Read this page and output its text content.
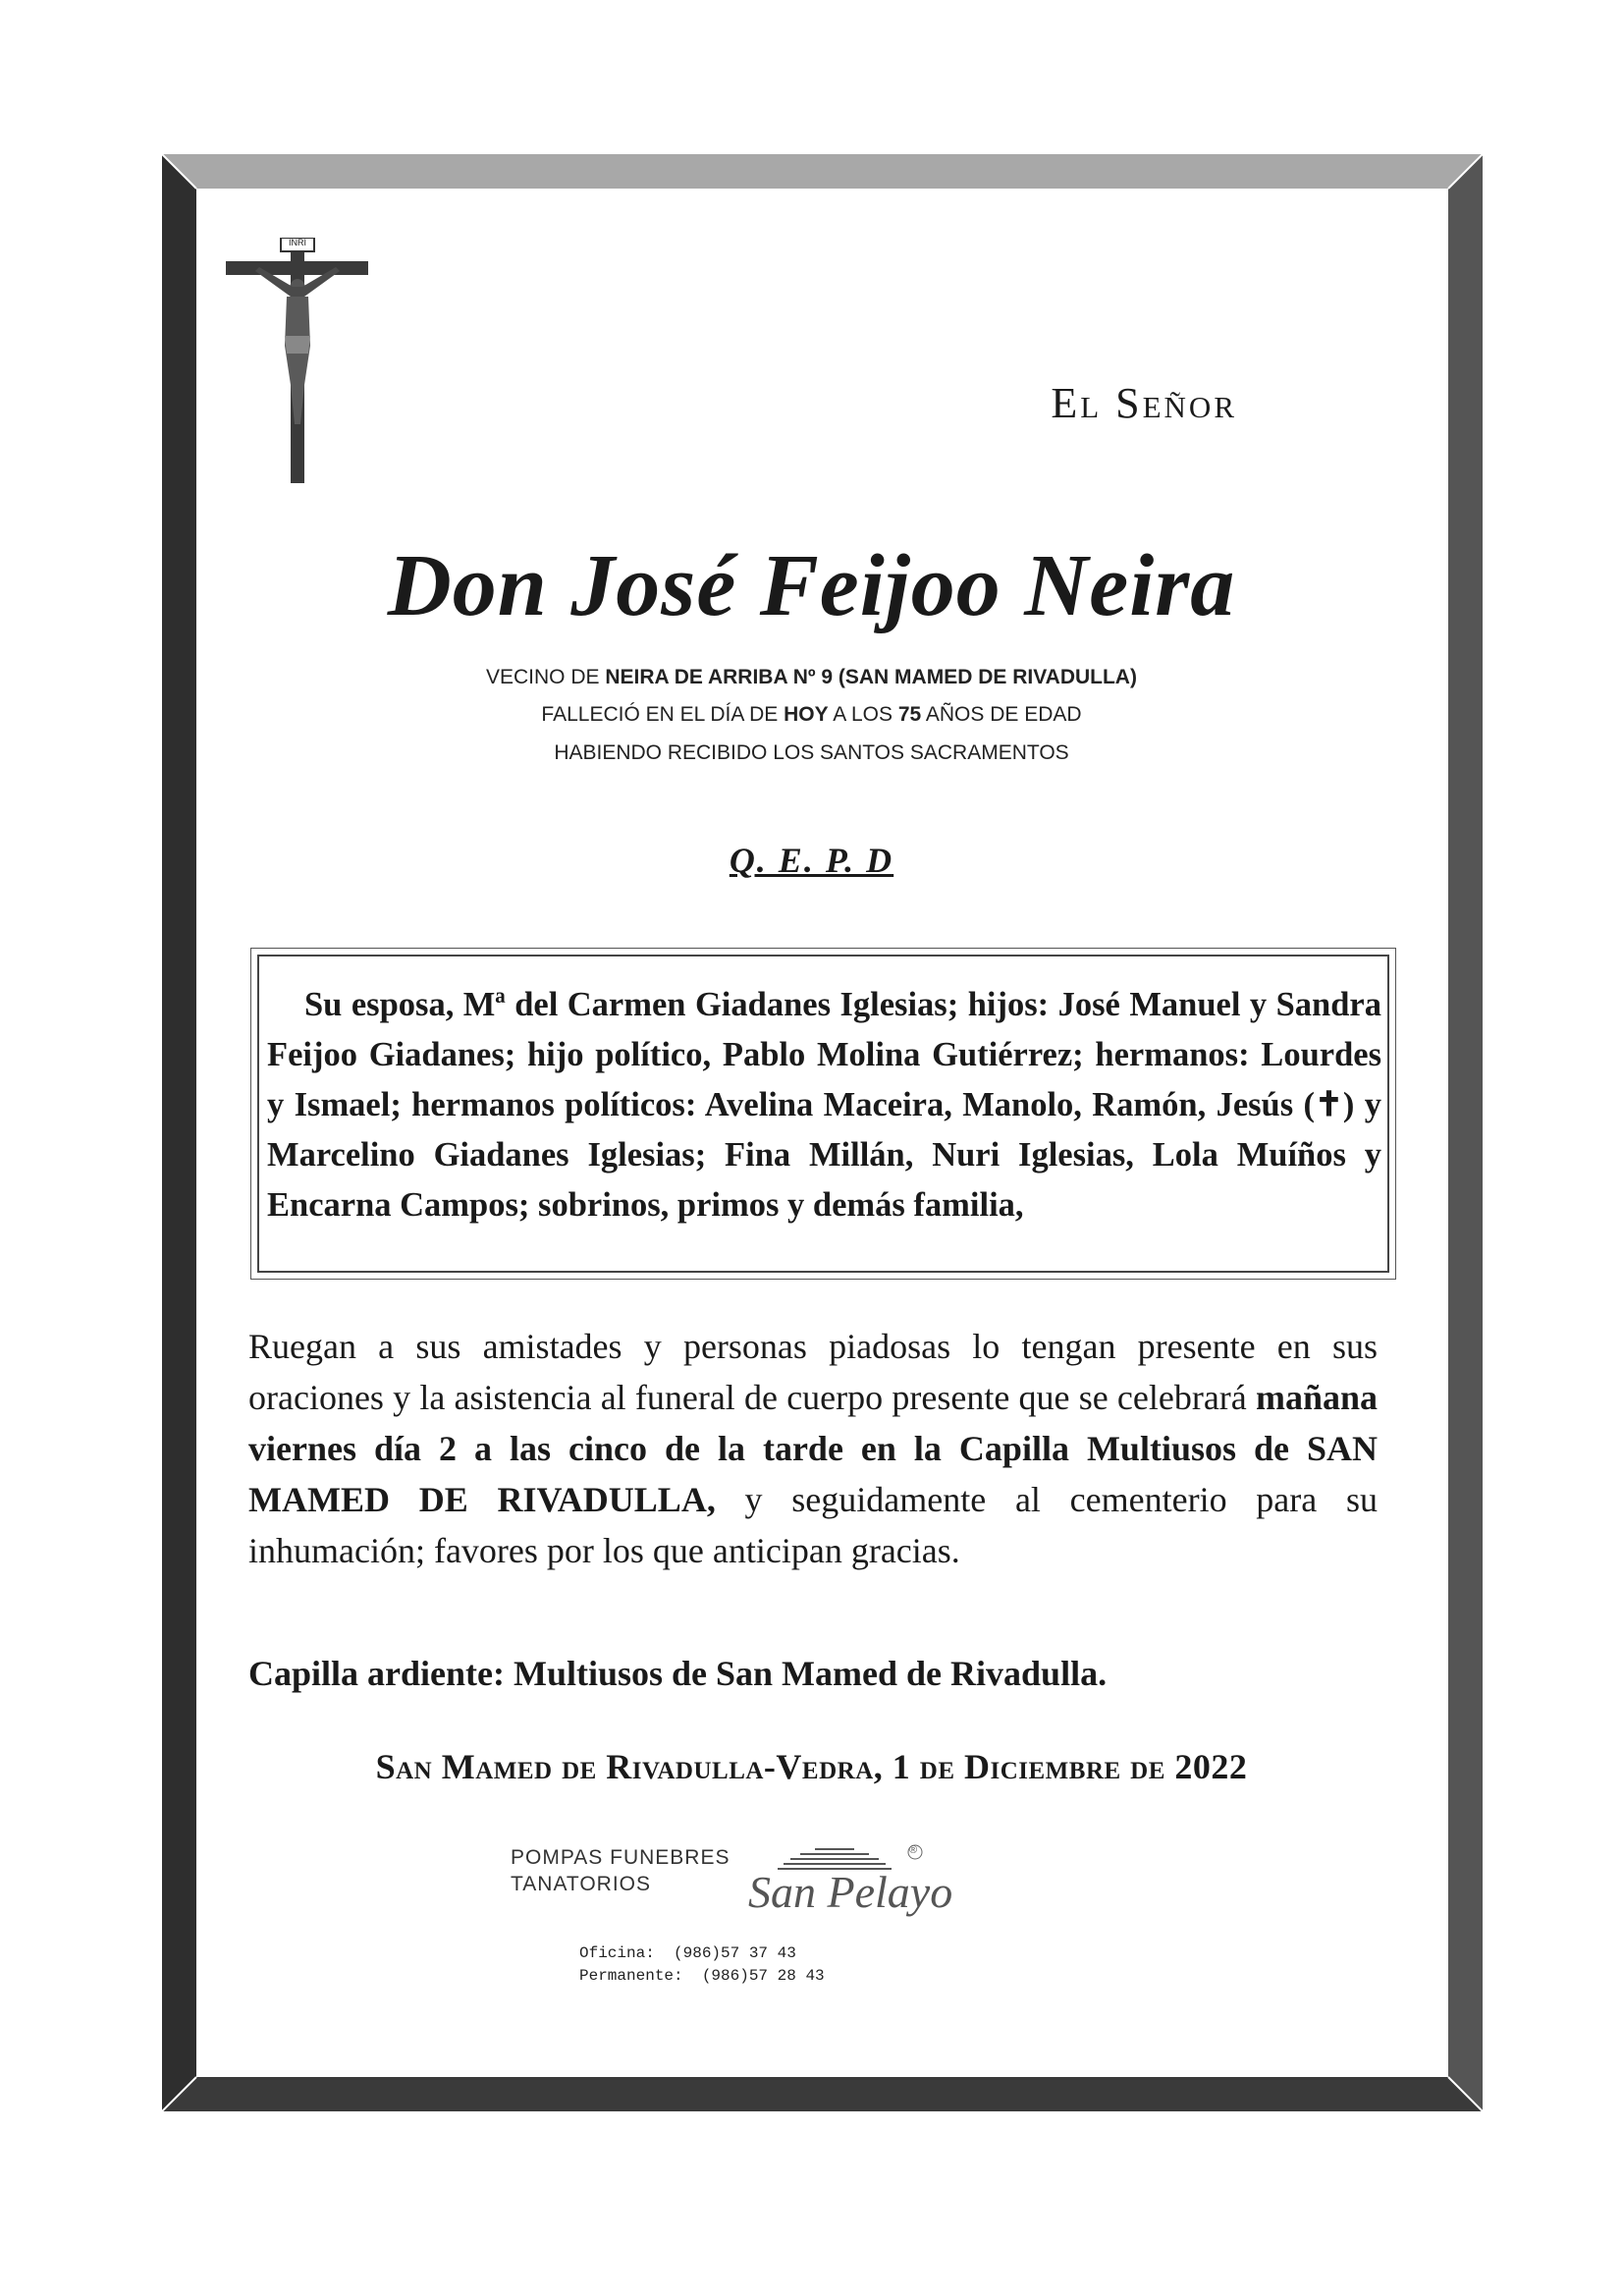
INRI
El Señor
Don José Feijoo Neira
VECINO DE NEIRA DE ARRIBA Nº 9 (SAN MAMED DE RIVADULLA)
FALLECIÓ EN EL DÍA DE HOY A LOS 75 AÑOS DE EDAD
HABIENDO RECIBIDO LOS SANTOS SACRAMENTOS
Q. E. P. D

Su esposa, Mª del Carmen Giadanes Iglesias; hijos: José Manuel y Sandra Feijoo Giadanes; hijo político, Pablo Molina Gutiérrez; hermanos: Lourdes y Ismael; hermanos políticos: Avelina Maceira, Manolo, Ramón, Jesús (✝) y Marcelino Giadanes Iglesias; Fina Millán, Nuri Iglesias, Lola Muíños y Encarna Campos; sobrinos, primos y demás familia,

Ruegan a sus amistades y personas piadosas lo tengan presente en sus oraciones y la asistencia al funeral de cuerpo presente que se celebrará mañana viernes día 2 a las cinco de la tarde en la Capilla Multiusos de SAN MAMED DE RIVADULLA, y seguidamente al cementerio para su inhumación; favores por los que anticipan gracias.

Capilla ardiente: Multiusos de San Mamed de Rivadulla.
San Mamed de Rivadulla-Vedra, 1 de Diciembre de 2022
POMPAS FUNEBRES
TANATORIOS
®
San Pelayo
Oficina:  (986)57 37 43
Permanente:  (986)57 28 43
